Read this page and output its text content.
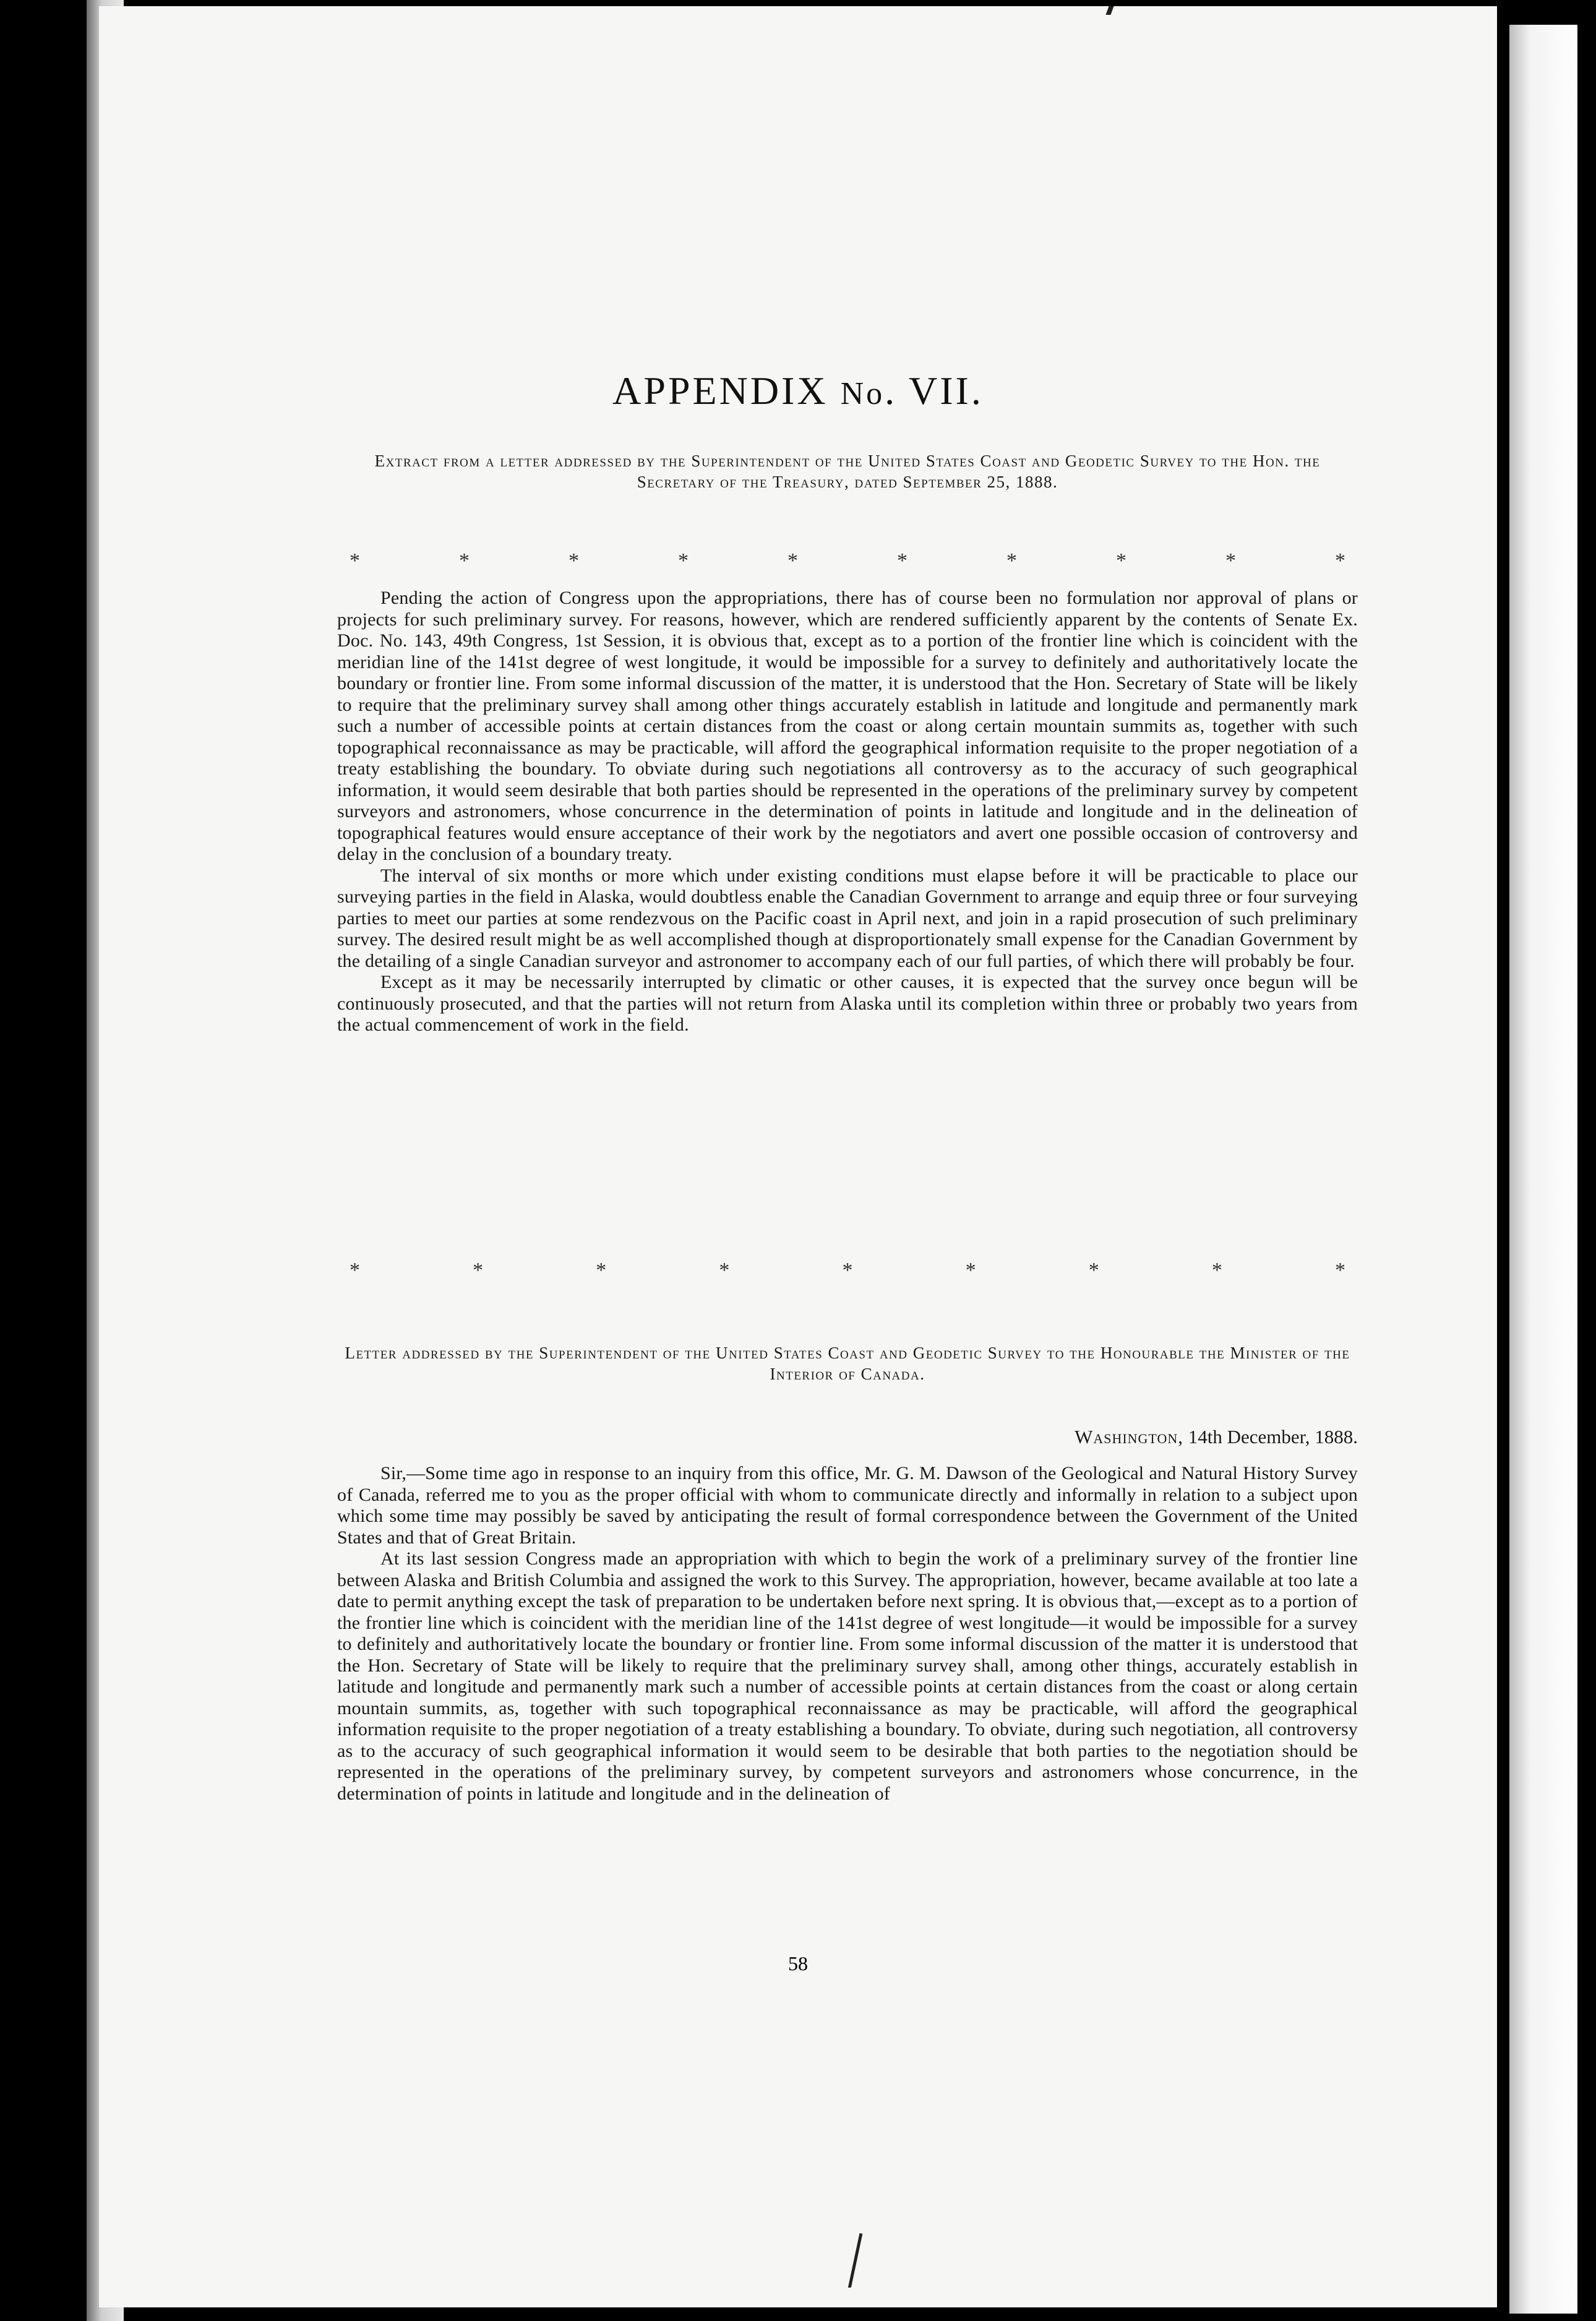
APPENDIX No. VII.

Extract from a letter addressed by the Superintendent of the United States Coast and Geodetic Survey to the Hon. the Secretary of the Treasury, dated September 25, 1888.

*	*	*	*	*	*	*	*	*	*

Pending the action of Congress upon the appropriations, there has of course been no formulation nor approval of plans or projects for such preliminary survey. For reasons, however, which are rendered sufficiently apparent by the contents of Senate Ex. Doc. No. 143, 49th Congress, 1st Session, it is obvious that, except as to a portion of the frontier line which is coincident with the meridian line of the 141st degree of west longitude, it would be impossible for a survey to definitely and authoritatively locate the boundary or frontier line. From some informal discussion of the matter, it is understood that the Hon. Secretary of State will be likely to require that the preliminary survey shall among other things accurately establish in latitude and longitude and permanently mark such a number of accessible points at certain distances from the coast or along certain mountain summits as, together with such topographical reconnaissance as may be practicable, will afford the geographical information requisite to the proper negotiation of a treaty establishing the boundary. To obviate during such negotiations all controversy as to the accuracy of such geographical information, it would seem desirable that both parties should be represented in the operations of the preliminary survey by competent surveyors and astronomers, whose concurrence in the determination of points in latitude and longitude and in the delineation of topographical features would ensure acceptance of their work by the negotiators and avert one possible occasion of controversy and delay in the conclusion of a boundary treaty.

The interval of six months or more which under existing conditions must elapse before it will be practicable to place our surveying parties in the field in Alaska, would doubtless enable the Canadian Government to arrange and equip three or four surveying parties to meet our parties at some rendezvous on the Pacific coast in April next, and join in a rapid prosecution of such preliminary survey. The desired result might be as well accomplished though at disproportionately small expense for the Canadian Government by the detailing of a single Canadian surveyor and astronomer to accompany each of our full parties, of which there will probably be four.

Except as it may be necessarily interrupted by climatic or other causes, it is expected that the survey once begun will be continuously prosecuted, and that the parties will not return from Alaska until its completion within three or probably two years from the actual commencement of work in the field.

*	*	*	*	*	*	*	*	*

Letter addressed by the Superintendent of the United States Coast and Geodetic Survey to the Honourable the Minister of the Interior of Canada.

Washington, 14th December, 1888.

Sir,—Some time ago in response to an inquiry from this office, Mr. G. M. Dawson of the Geological and Natural History Survey of Canada, referred me to you as the proper official with whom to communicate directly and informally in relation to a subject upon which some time may possibly be saved by anticipating the result of formal correspondence between the Government of the United States and that of Great Britain.

At its last session Congress made an appropriation with which to begin the work of a preliminary survey of the frontier line between Alaska and British Columbia and assigned the work to this Survey. The appropriation, however, became available at too late a date to permit anything except the task of preparation to be undertaken before next spring. It is obvious that,—except as to a portion of the frontier line which is coincident with the meridian line of the 141st degree of west longitude—it would be impossible for a survey to definitely and authoritatively locate the boundary or frontier line. From some informal discussion of the matter it is understood that the Hon. Secretary of State will be likely to require that the preliminary survey shall, among other things, accurately establish in latitude and longitude and permanently mark such a number of accessible points at certain distances from the coast or along certain mountain summits, as, together with such topographical reconnaissance as may be practicable, will afford the geographical information requisite to the proper negotiation of a treaty establishing a boundary. To obviate, during such negotiation, all controversy as to the accuracy of such geographical information it would seem to be desirable that both parties to the negotiation should be represented in the operations of the preliminary survey, by competent surveyors and astronomers whose concurrence, in the determination of points in latitude and longitude and in the delineation of

58
